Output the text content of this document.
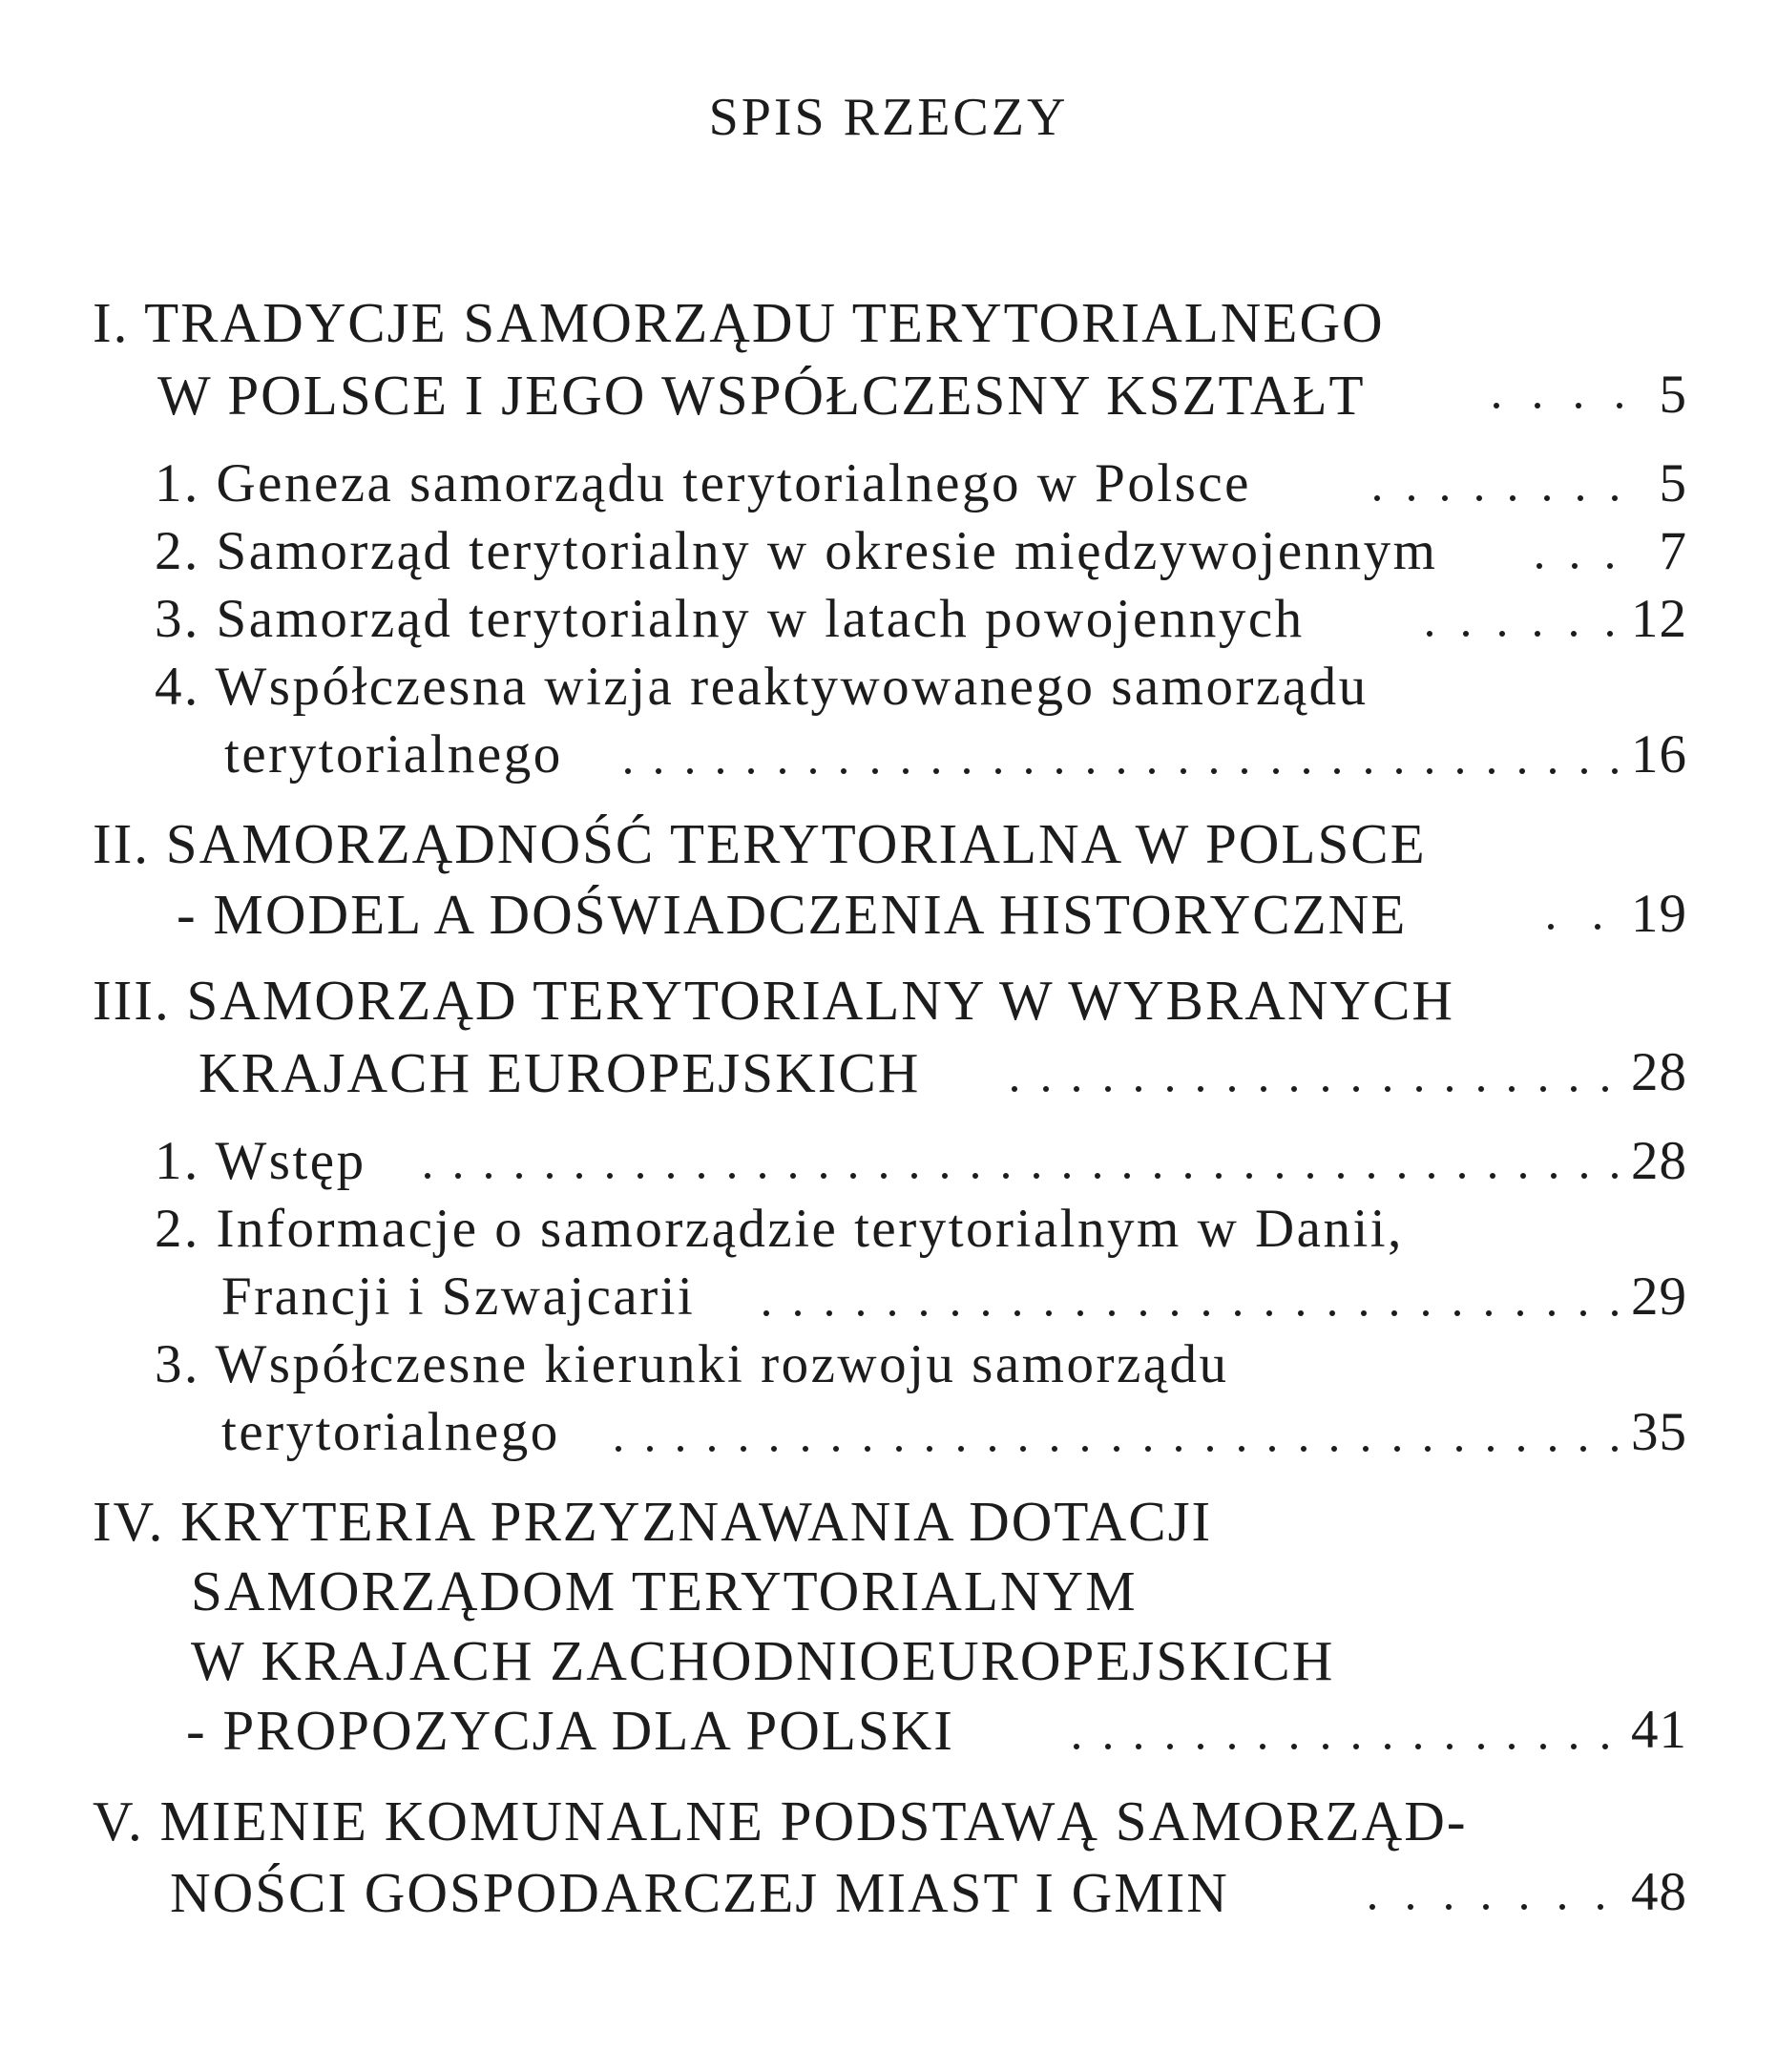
SPIS RZECZY
I. TRADYCJE SAMORZĄDU TERYTORIALNEGO
W POLSCE I JEGO WSPÓŁCZESNY KSZTAŁT	5
1. Geneza samorządu terytorialnego w Polsce	5
2. Samorząd terytorialny w okresie międzywojennym	7
3. Samorząd terytorialny w latach powojennych	12
4. Współczesna wizja reaktywowanego samorządu
terytorialnego	16
II. SAMORZĄDNOŚĆ TERYTORIALNA W POLSCE
- MODEL A DOŚWIADCZENIA HISTORYCZNE	19
III. SAMORZĄD TERYTORIALNY W WYBRANYCH
KRAJACH EUROPEJSKICH	28
1. Wstęp	28
2. Informacje o samorządzie terytorialnym w Danii,
Francji i Szwajcarii	29
3. Współczesne kierunki rozwoju samorządu
terytorialnego	35
IV. KRYTERIA PRZYZNAWANIA DOTACJI
SAMORZĄDOM TERYTORIALNYM
W KRAJACH ZACHODNIOEUROPEJSKICH
- PROPOZYCJA DLA POLSKI	41
V. MIENIE KOMUNALNE PODSTAWĄ SAMORZĄD-
NOŚCI GOSPODARCZEJ MIAST I GMIN	48
